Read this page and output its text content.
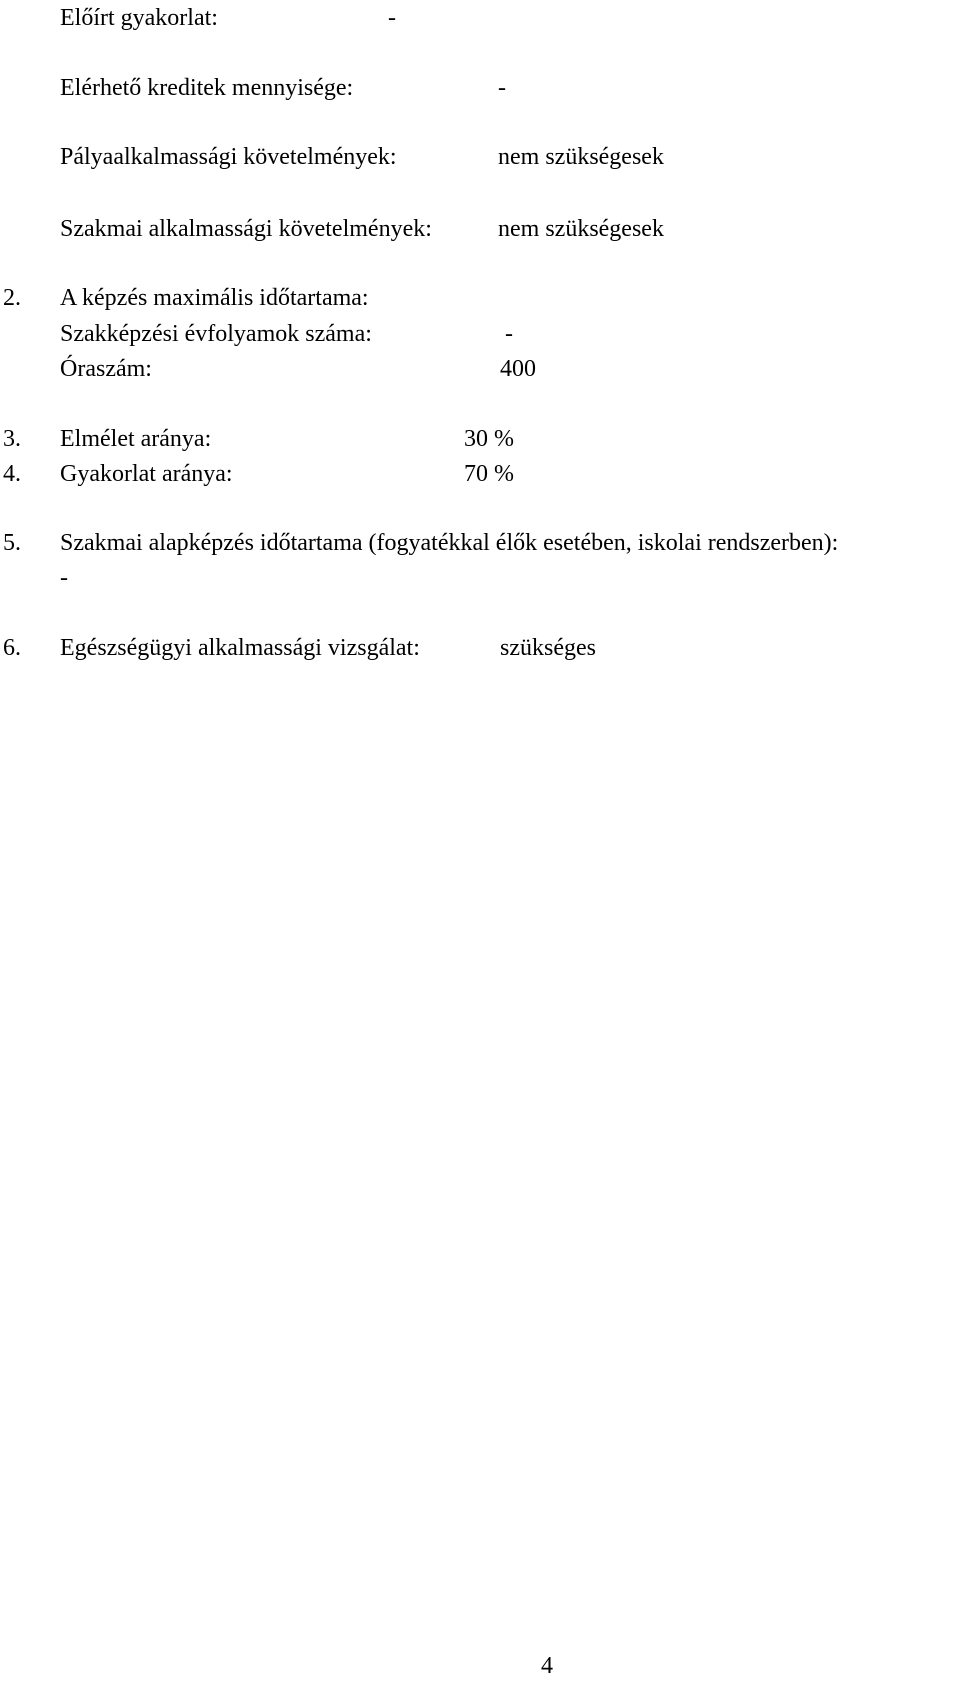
Előírt gyakorlat:	-
Elérhető kreditek mennyisége:	-
Pályaalkalmassági követelmények:	nem szükségesek
Szakmai alkalmassági követelmények:	nem szükségesek
2. A képzés maximális időtartama:
Szakképzési évfolyamok száma:	-
Óraszám:	400
3. Elmélet aránya:	30 %
4. Gyakorlat aránya:	70 %
5. Szakmai alapképzés időtartama (fogyatékkal élők esetében, iskolai rendszerben):
-
6. Egészségügyi alkalmassági vizsgálat:	szükséges
4
